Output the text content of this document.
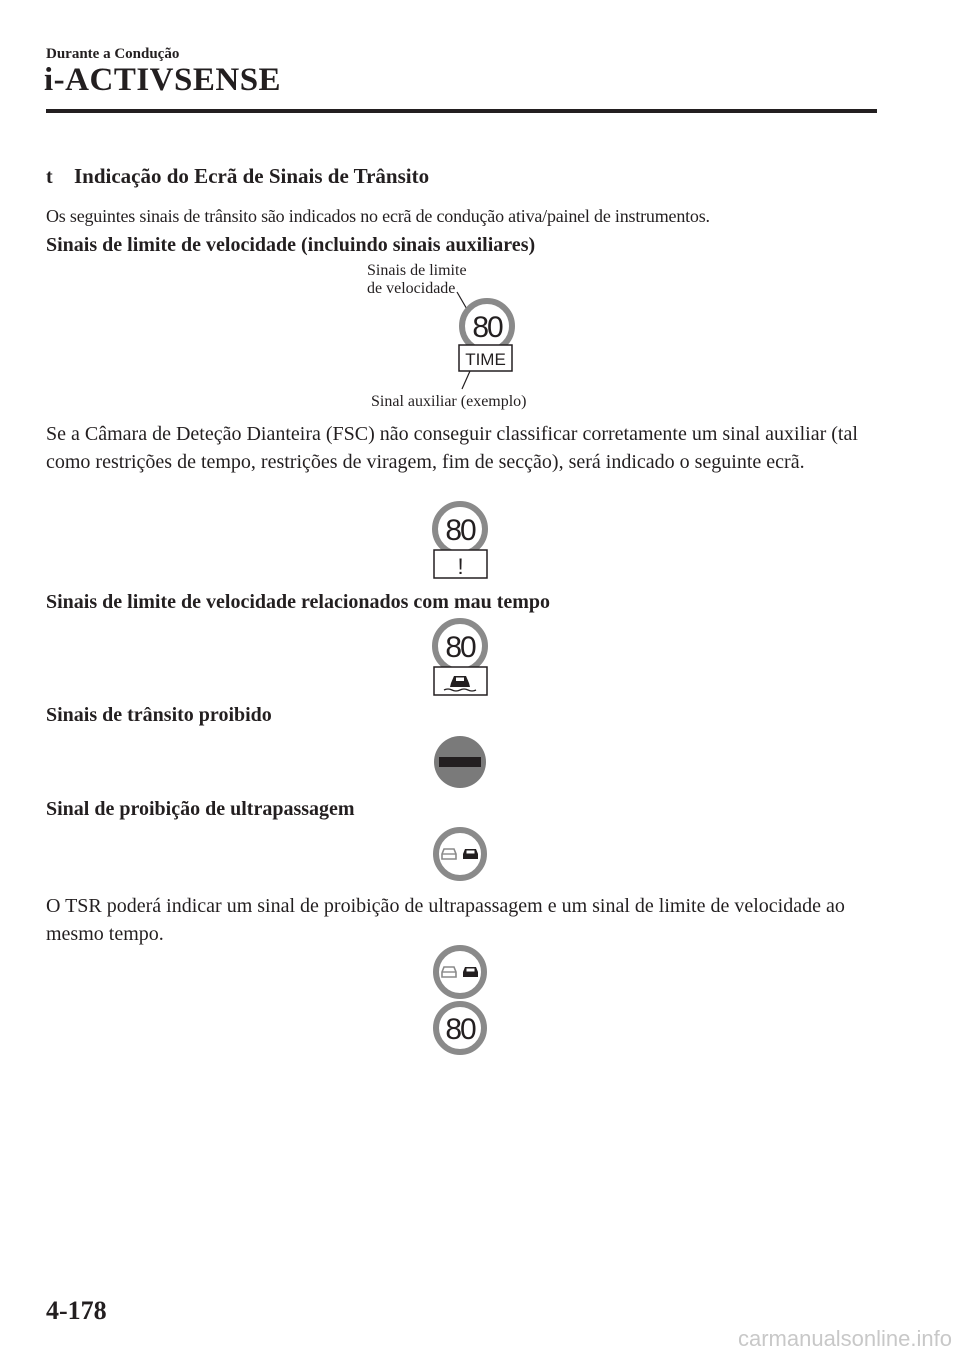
Durante a Condução
i-ACTIVSENSE
t Indicação do Ecrã de Sinais de Trânsito
Os seguintes sinais de trânsito são indicados no ecrã de condução ativa/painel de instrumentos.
Sinais de limite de velocidade (incluindo sinais auxiliares)
Sinais de limite
de velocidade
80
TIME
Sinal auxiliar (exemplo)
Se a Câmara de Deteção Dianteira (FSC) não conseguir classificar corretamente um sinal auxiliar (tal como restrições de tempo, restrições de viragem, fim de secção), será indicado o seguinte ecrã.
80
!
Sinais de limite de velocidade relacionados com mau tempo
80
Sinais de trânsito proibido
Sinal de proibição de ultrapassagem
O TSR poderá indicar um sinal de proibição de ultrapassagem e um sinal de limite de velocidade ao mesmo tempo.
80
4-178
carmanualsonline.info
